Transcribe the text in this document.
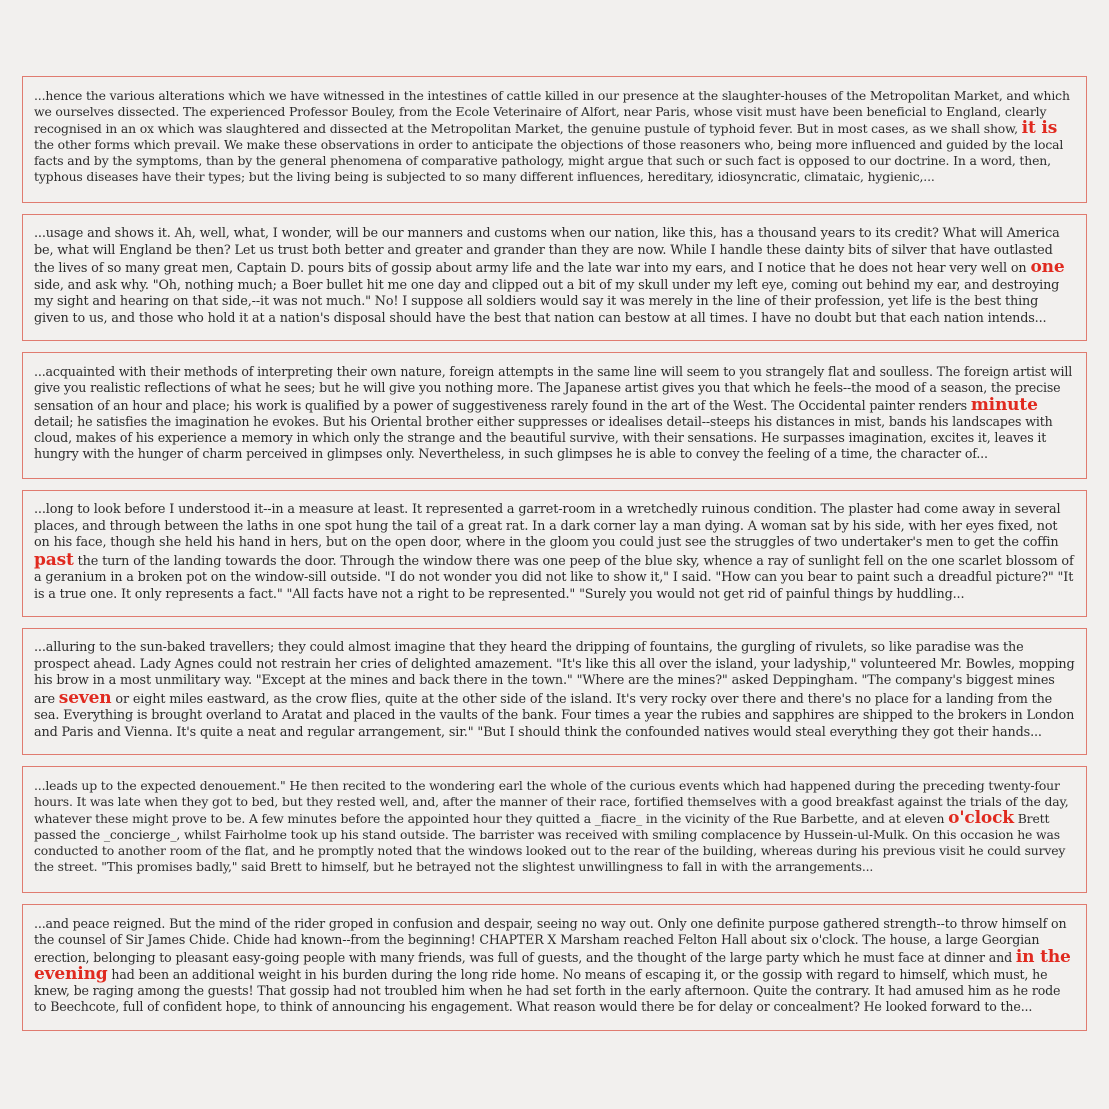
...hence the various alterations which we have witnessed in the intestines of cattle killed in our presence at the slaughter-houses of the Metropolitan Market, and which we ourselves dissected. The experienced Professor Bouley, from the Ecole Veterinaire of Alfort, near Paris, whose visit must have been beneficial to England, clearly recognised in an ox which was slaughtered and dissected at the Metropolitan Market, the genuine pustule of typhoid fever. But in most cases, as we shall show, it is the other forms which prevail. We make these observations in order to anticipate the objections of those reasoners who, being more influenced and guided by the local facts and by the symptoms, than by the general phenomena of comparative pathology, might argue that such or such fact is opposed to our doctrine. In a word, then, typhous diseases have their types; but the living being is subjected to so many different influences, hereditary, idiosyncratic, climataic, hygienic,...

...usage and shows it. Ah, well, what, I wonder, will be our manners and customs when our nation, like this, has a thousand years to its credit? What will America be, what will England be then? Let us trust both better and greater and grander than they are now. While I handle these dainty bits of silver that have outlasted the lives of so many great men, Captain D. pours bits of gossip about army life and the late war into my ears, and I notice that he does not hear very well on one side, and ask why. "Oh, nothing much; a Boer bullet hit me one day and clipped out a bit of my skull under my left eye, coming out behind my ear, and destroying my sight and hearing on that side,--it was not much." No! I suppose all soldiers would say it was merely in the line of their profession, yet life is the best thing given to us, and those who hold it at a nation's disposal should have the best that nation can bestow at all times. I have no doubt but that each nation intends...

...acquainted with their methods of interpreting their own nature, foreign attempts in the same line will seem to you strangely flat and soulless. The foreign artist will give you realistic reflections of what he sees; but he will give you nothing more. The Japanese artist gives you that which he feels--the mood of a season, the precise sensation of an hour and place; his work is qualified by a power of suggestiveness rarely found in the art of the West. The Occidental painter renders minute detail; he satisfies the imagination he evokes. But his Oriental brother either suppresses or idealises detail--steeps his distances in mist, bands his landscapes with cloud, makes of his experience a memory in which only the strange and the beautiful survive, with their sensations. He surpasses imagination, excites it, leaves it hungry with the hunger of charm perceived in glimpses only. Nevertheless, in such glimpses he is able to convey the feeling of a time, the character of...

...long to look before I understood it--in a measure at least. It represented a garret-room in a wretchedly ruinous condition. The plaster had come away in several places, and through between the laths in one spot hung the tail of a great rat. In a dark corner lay a man dying. A woman sat by his side, with her eyes fixed, not on his face, though she held his hand in hers, but on the open door, where in the gloom you could just see the struggles of two undertaker's men to get the coffin past the turn of the landing towards the door. Through the window there was one peep of the blue sky, whence a ray of sunlight fell on the one scarlet blossom of a geranium in a broken pot on the window-sill outside. "I do not wonder you did not like to show it," I said. "How can you bear to paint such a dreadful picture?" "It is a true one. It only represents a fact." "All facts have not a right to be represented." "Surely you would not get rid of painful things by huddling...

...alluring to the sun-baked travellers; they could almost imagine that they heard the dripping of fountains, the gurgling of rivulets, so like paradise was the prospect ahead. Lady Agnes could not restrain her cries of delighted amazement. "It's like this all over the island, your ladyship," volunteered Mr. Bowles, mopping his brow in a most unmilitary way. "Except at the mines and back there in the town." "Where are the mines?" asked Deppingham. "The company's biggest mines are seven or eight miles eastward, as the crow flies, quite at the other side of the island. It's very rocky over there and there's no place for a landing from the sea. Everything is brought overland to Aratat and placed in the vaults of the bank. Four times a year the rubies and sapphires are shipped to the brokers in London and Paris and Vienna. It's quite a neat and regular arrangement, sir." "But I should think the confounded natives would steal everything they got their hands...

...leads up to the expected denouement." He then recited to the wondering earl the whole of the curious events which had happened during the preceding twenty-four hours. It was late when they got to bed, but they rested well, and, after the manner of their race, fortified themselves with a good breakfast against the trials of the day, whatever these might prove to be. A few minutes before the appointed hour they quitted a _fiacre_ in the vicinity of the Rue Barbette, and at eleven o'clock Brett passed the _concierge_, whilst Fairholme took up his stand outside. The barrister was received with smiling complacence by Hussein-ul-Mulk. On this occasion he was conducted to another room of the flat, and he promptly noted that the windows looked out to the rear of the building, whereas during his previous visit he could survey the street. "This promises badly," said Brett to himself, but he betrayed not the slightest unwillingness to fall in with the arrangements...

...and peace reigned. But the mind of the rider groped in confusion and despair, seeing no way out. Only one definite purpose gathered strength--to throw himself on the counsel of Sir James Chide. Chide had known--from the beginning! CHAPTER X Marsham reached Felton Hall about six o'clock. The house, a large Georgian erection, belonging to pleasant easy-going people with many friends, was full of guests, and the thought of the large party which he must face at dinner and in the evening had been an additional weight in his burden during the long ride home. No means of escaping it, or the gossip with regard to himself, which must, he knew, be raging among the guests! That gossip had not troubled him when he had set forth in the early afternoon. Quite the contrary. It had amused him as he rode to Beechcote, full of confident hope, to think of announcing his engagement. What reason would there be for delay or concealment? He looked forward to the...
